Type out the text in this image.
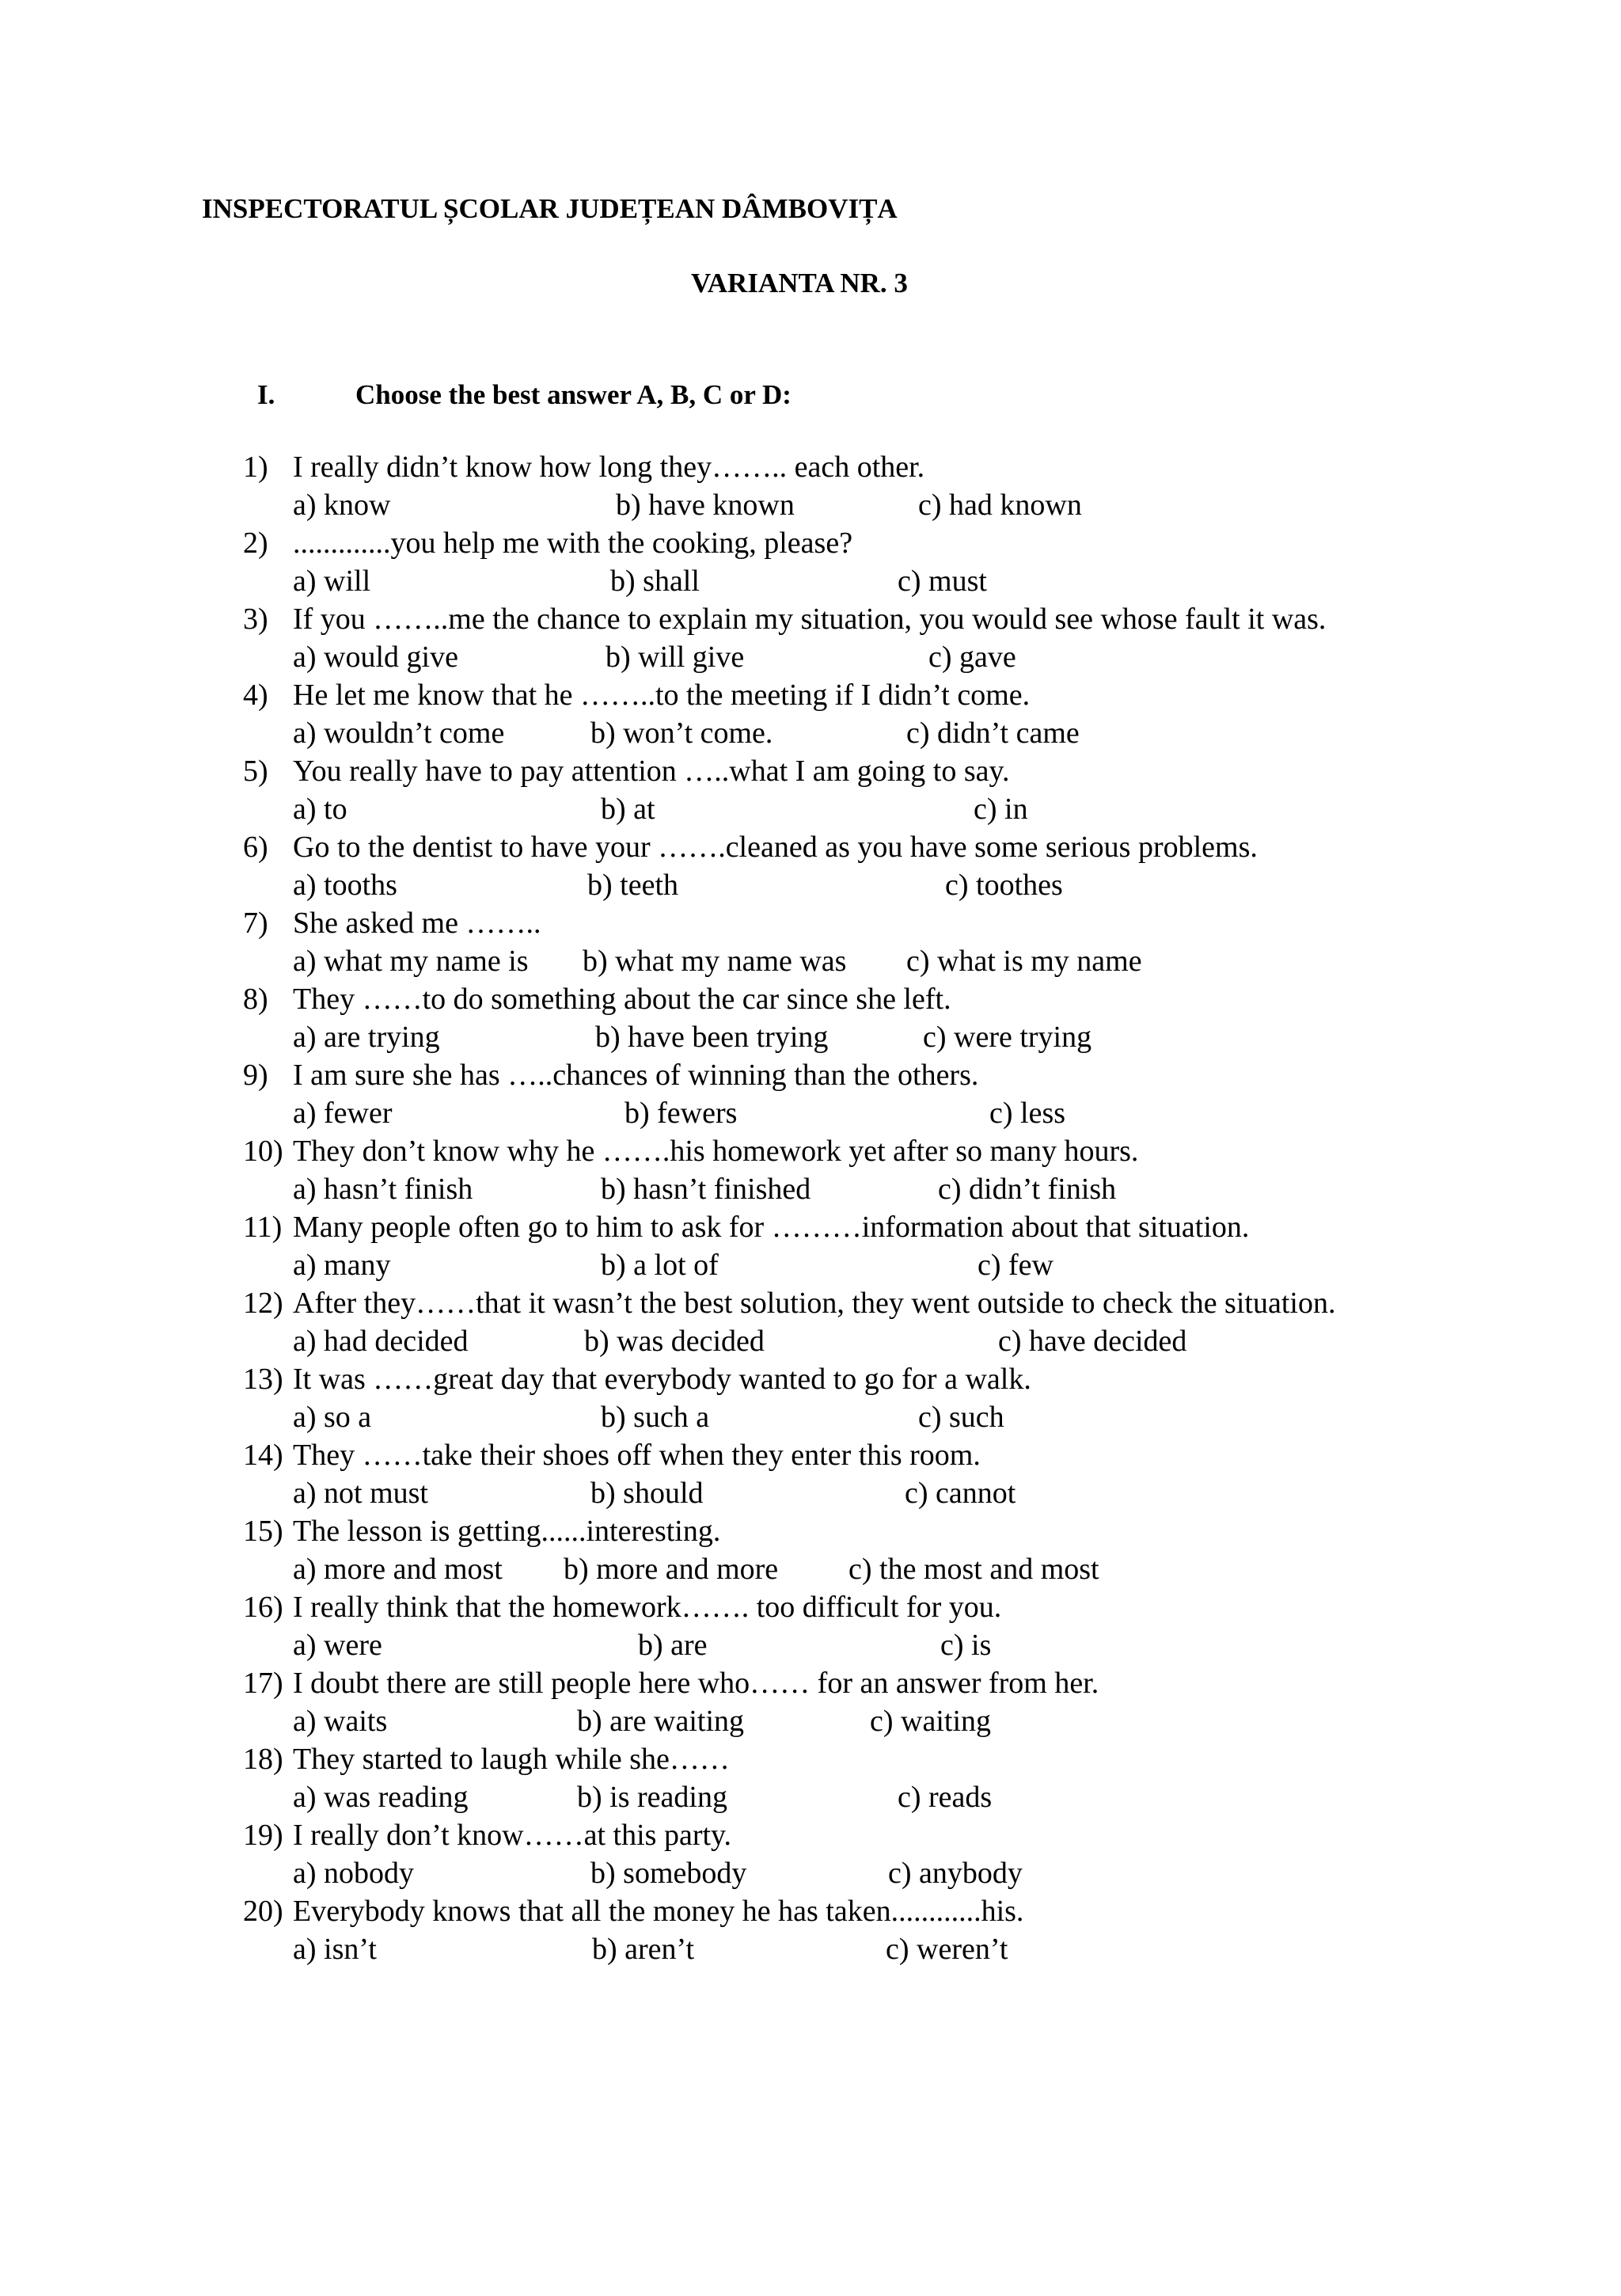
INSPECTORATUL ȘCOLAR JUDEȚEAN DÂMBOVIȚA
VARIANTA NR. 3
I.	Choose the best answer A, B, C or D:
1) I really didn’t know how long they…….. each other.
a) know	b) have known	c) had known
2) .............you help me with the cooking, please?
a) will	b) shall	c) must
3) If you ……..me the chance to explain my situation, you would see whose fault it was.
a) would give	b) will give	c) gave
4) He let me know that he ……..to the meeting if I didn’t come.
a) wouldn’t come	b) won’t come.	c) didn’t came
5) You really have to pay attention …..what I am going to say.
a) to	b) at	c) in
6) Go to the dentist to have your …….cleaned as you have some serious problems.
a) tooths	b) teeth	c) toothes
7) She asked me ……..
a) what my name is b) what my name was c) what is my name
8) They ……to do something about the car since she left.
a) are trying	b) have been trying	c) were trying
9) I am sure she has …..chances of winning than the others.
a) fewer	b) fewers	c) less
10) They don’t know why he …….his homework yet after so many hours.
a) hasn’t finish	b) hasn’t finished	c) didn’t finish
11) Many people often go to him to ask for ………information about that situation.
a) many	b) a lot of	c) few
12) After they……that it wasn’t the best solution, they went outside to check the situation.
a) had decided	b) was decided	c) have decided
13) It was ……great day that everybody wanted to go for a walk.
a) so a	b) such a	c) such
14) They ……take their shoes off when they enter this room.
a) not must	b) should	c) cannot
15) The lesson is getting......interesting.
a) more and most b) more and more c) the most and most
16) I really think that the homework……. too difficult for you.
a) were	b) are	c) is
17) I doubt there are still people here who…… for an answer from her.
a) waits	b) are waiting	c) waiting
18) They started to laugh while she……
a) was reading	b) is reading	c) reads
19) I really don’t know……at this party.
a) nobody	b) somebody	c) anybody
20) Everybody knows that all the money he has taken............his.
a) isn’t	b) aren’t	c) weren’t
